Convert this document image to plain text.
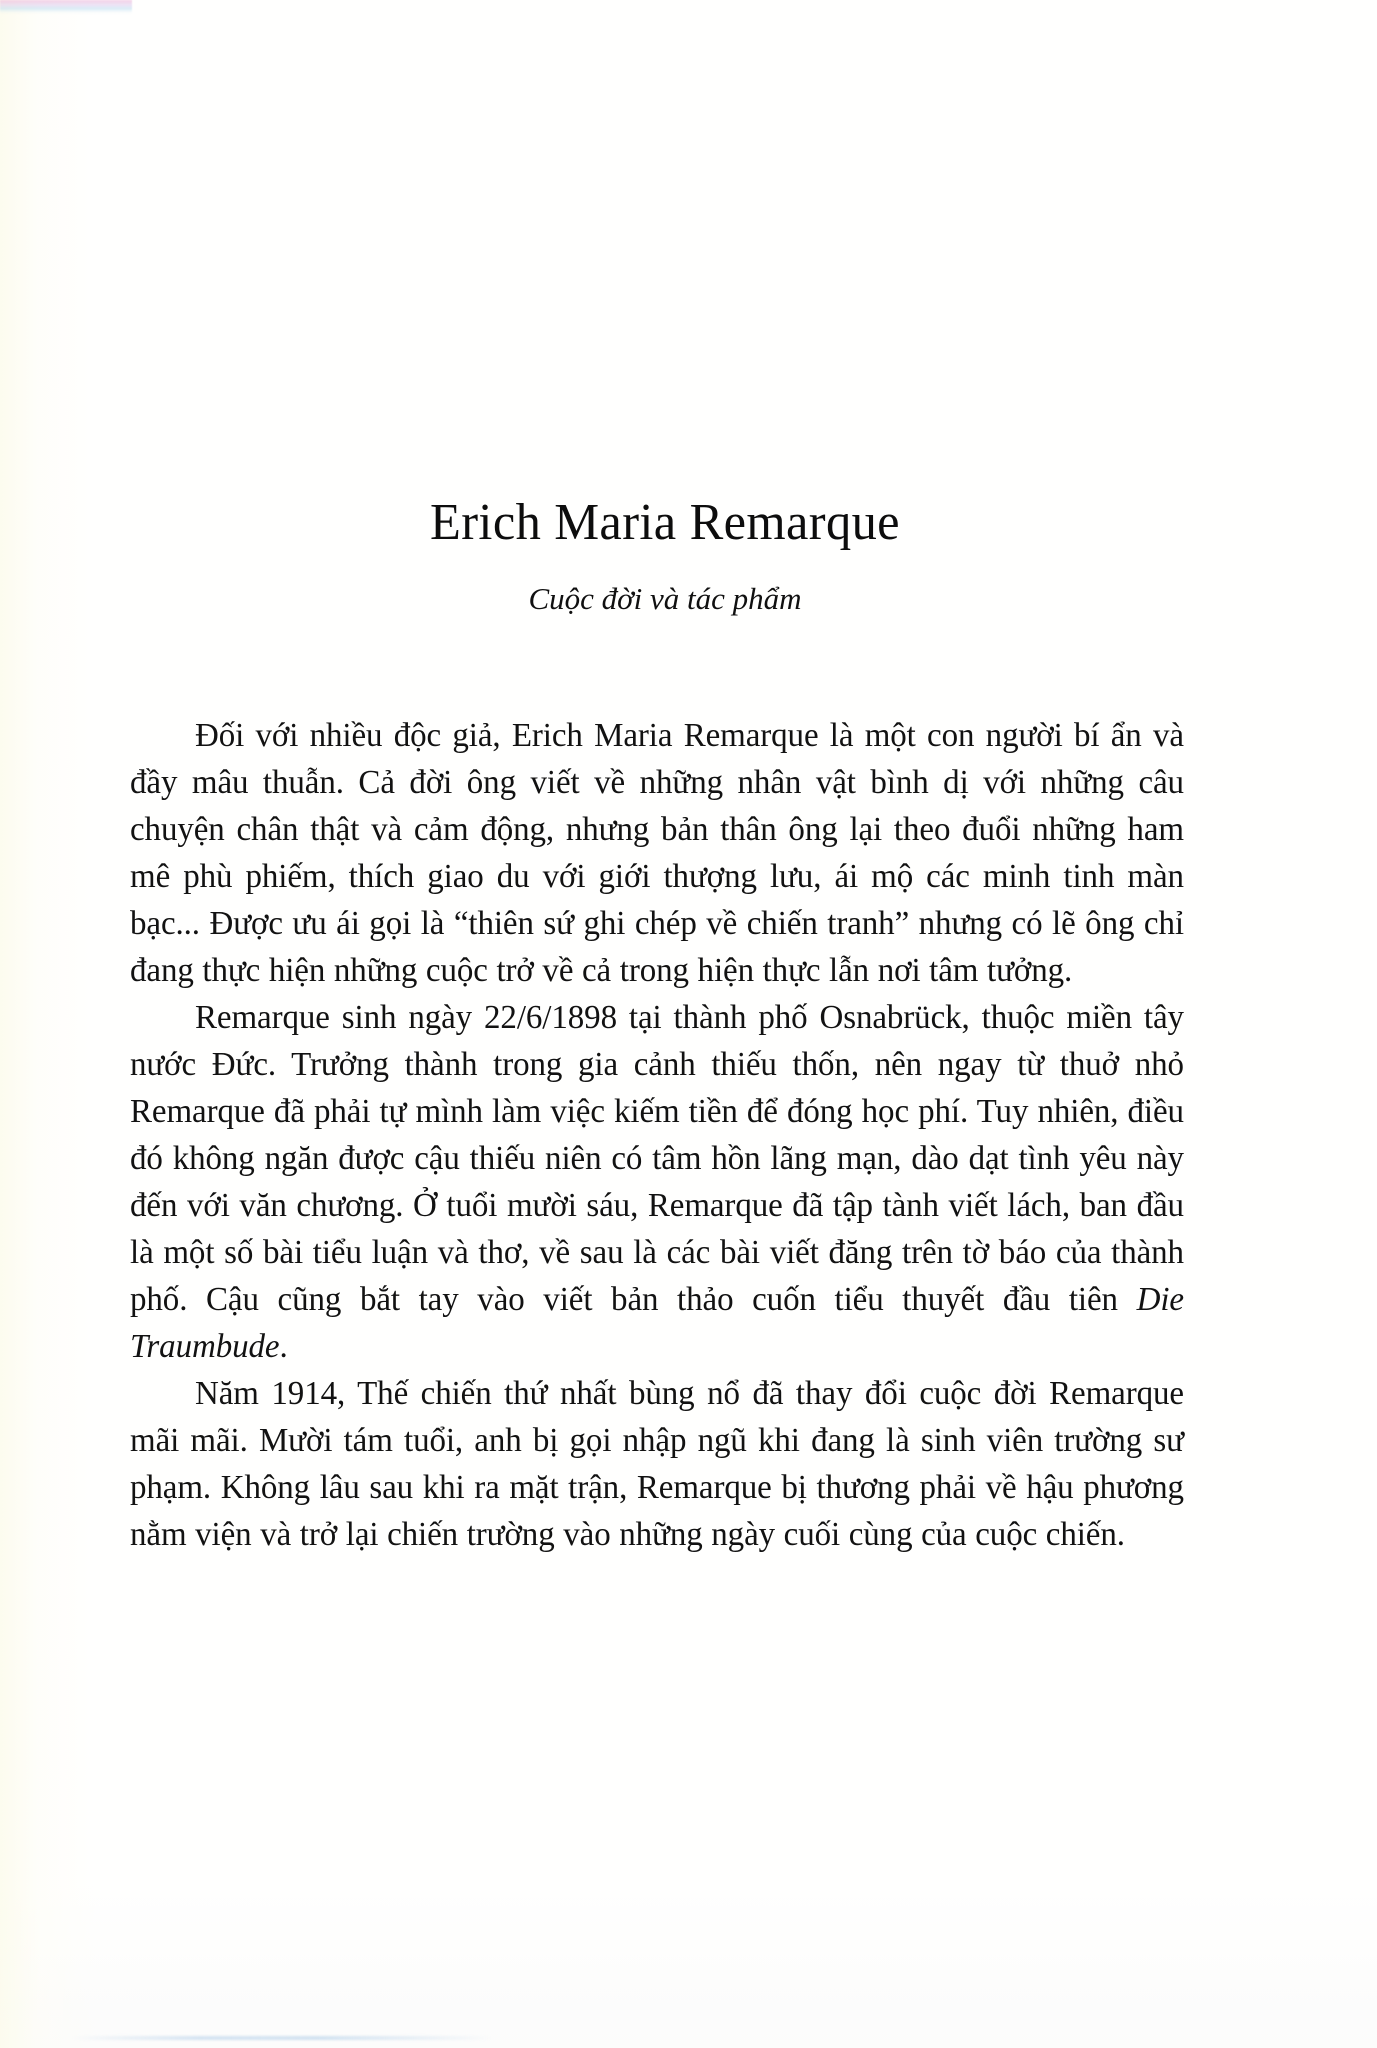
Erich Maria Remarque
Cuộc đời và tác phẩm

Đối với nhiều độc giả, Erich Maria Remarque là một con người bí ẩn và đầy mâu thuẫn. Cả đời ông viết về những nhân vật bình dị với những câu chuyện chân thật và cảm động, nhưng bản thân ông lại theo đuổi những ham mê phù phiếm, thích giao du với giới thượng lưu, ái mộ các minh tinh màn bạc... Được ưu ái gọi là “thiên sứ ghi chép về chiến tranh” nhưng có lẽ ông chỉ đang thực hiện những cuộc trở về cả trong hiện thực lẫn nơi tâm tưởng.

Remarque sinh ngày 22/6/1898 tại thành phố Osnabrück, thuộc miền tây nước Đức. Trưởng thành trong gia cảnh thiếu thốn, nên ngay từ thuở nhỏ Remarque đã phải tự mình làm việc kiếm tiền để đóng học phí. Tuy nhiên, điều đó không ngăn được cậu thiếu niên có tâm hồn lãng mạn, dào dạt tình yêu này đến với văn chương. Ở tuổi mười sáu, Remarque đã tập tành viết lách, ban đầu là một số bài tiểu luận và thơ, về sau là các bài viết đăng trên tờ báo của thành phố. Cậu cũng bắt tay vào viết bản thảo cuốn tiểu thuyết đầu tiên Die Traumbude.

Năm 1914, Thế chiến thứ nhất bùng nổ đã thay đổi cuộc đời Remarque mãi mãi. Mười tám tuổi, anh bị gọi nhập ngũ khi đang là sinh viên trường sư phạm. Không lâu sau khi ra mặt trận, Remarque bị thương phải về hậu phương nằm viện và trở lại chiến trường vào những ngày cuối cùng của cuộc chiến.
